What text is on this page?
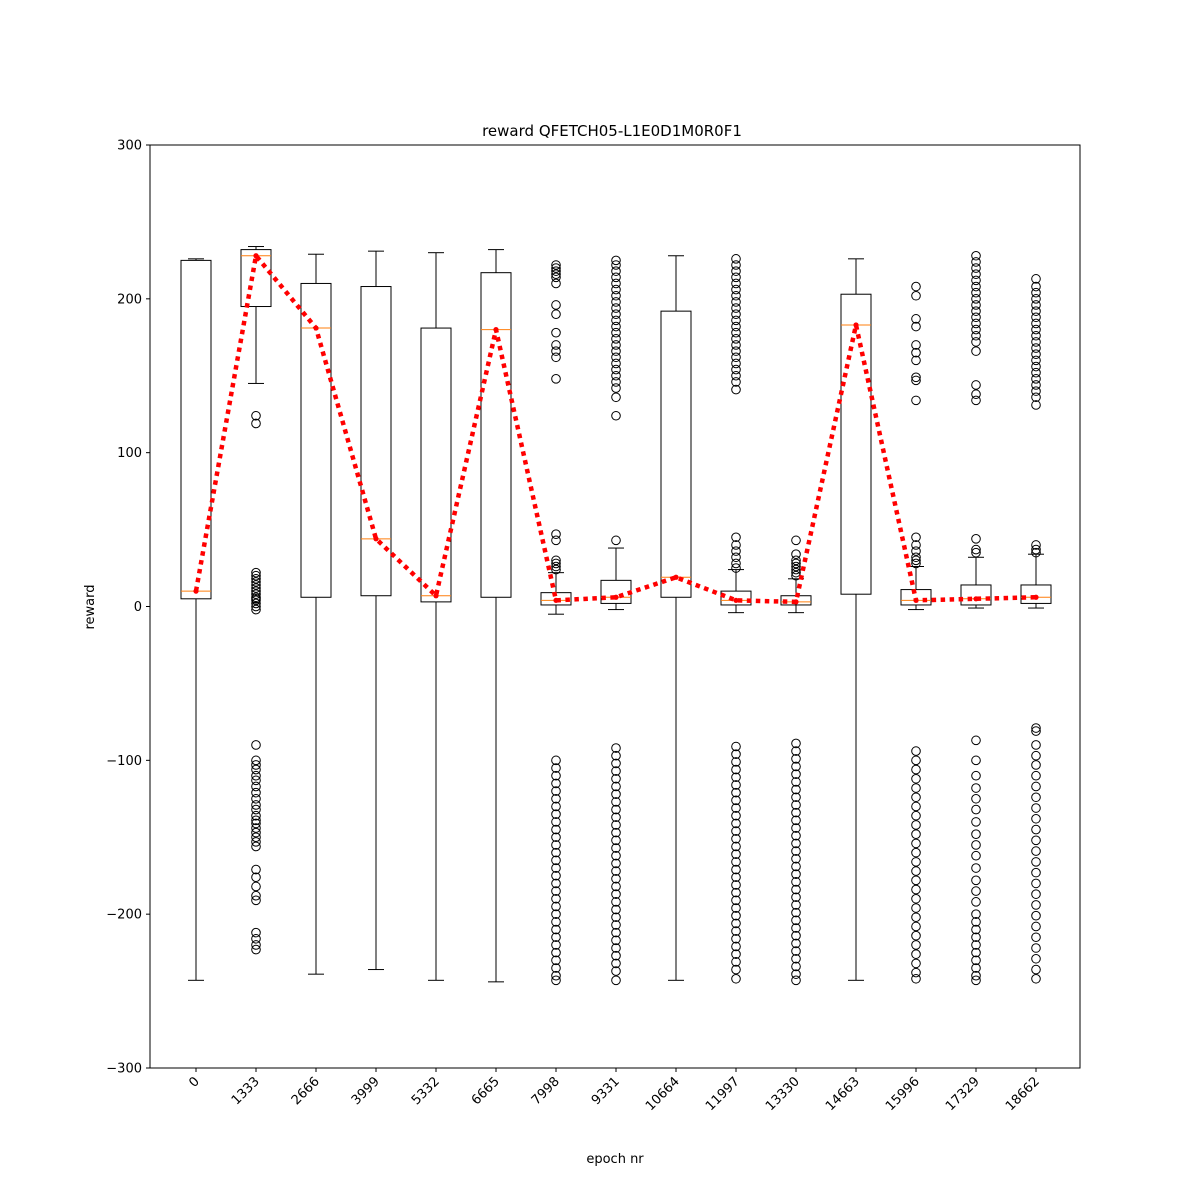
reward QFETCH05-L1E0D1M0R0F1
−300
−200
−100
0
100
200
300
0 1333 2666 3999 5332 6665 7998 9331 10664 11997 13330 14663 15996 17329 18662
epoch nr
reward
